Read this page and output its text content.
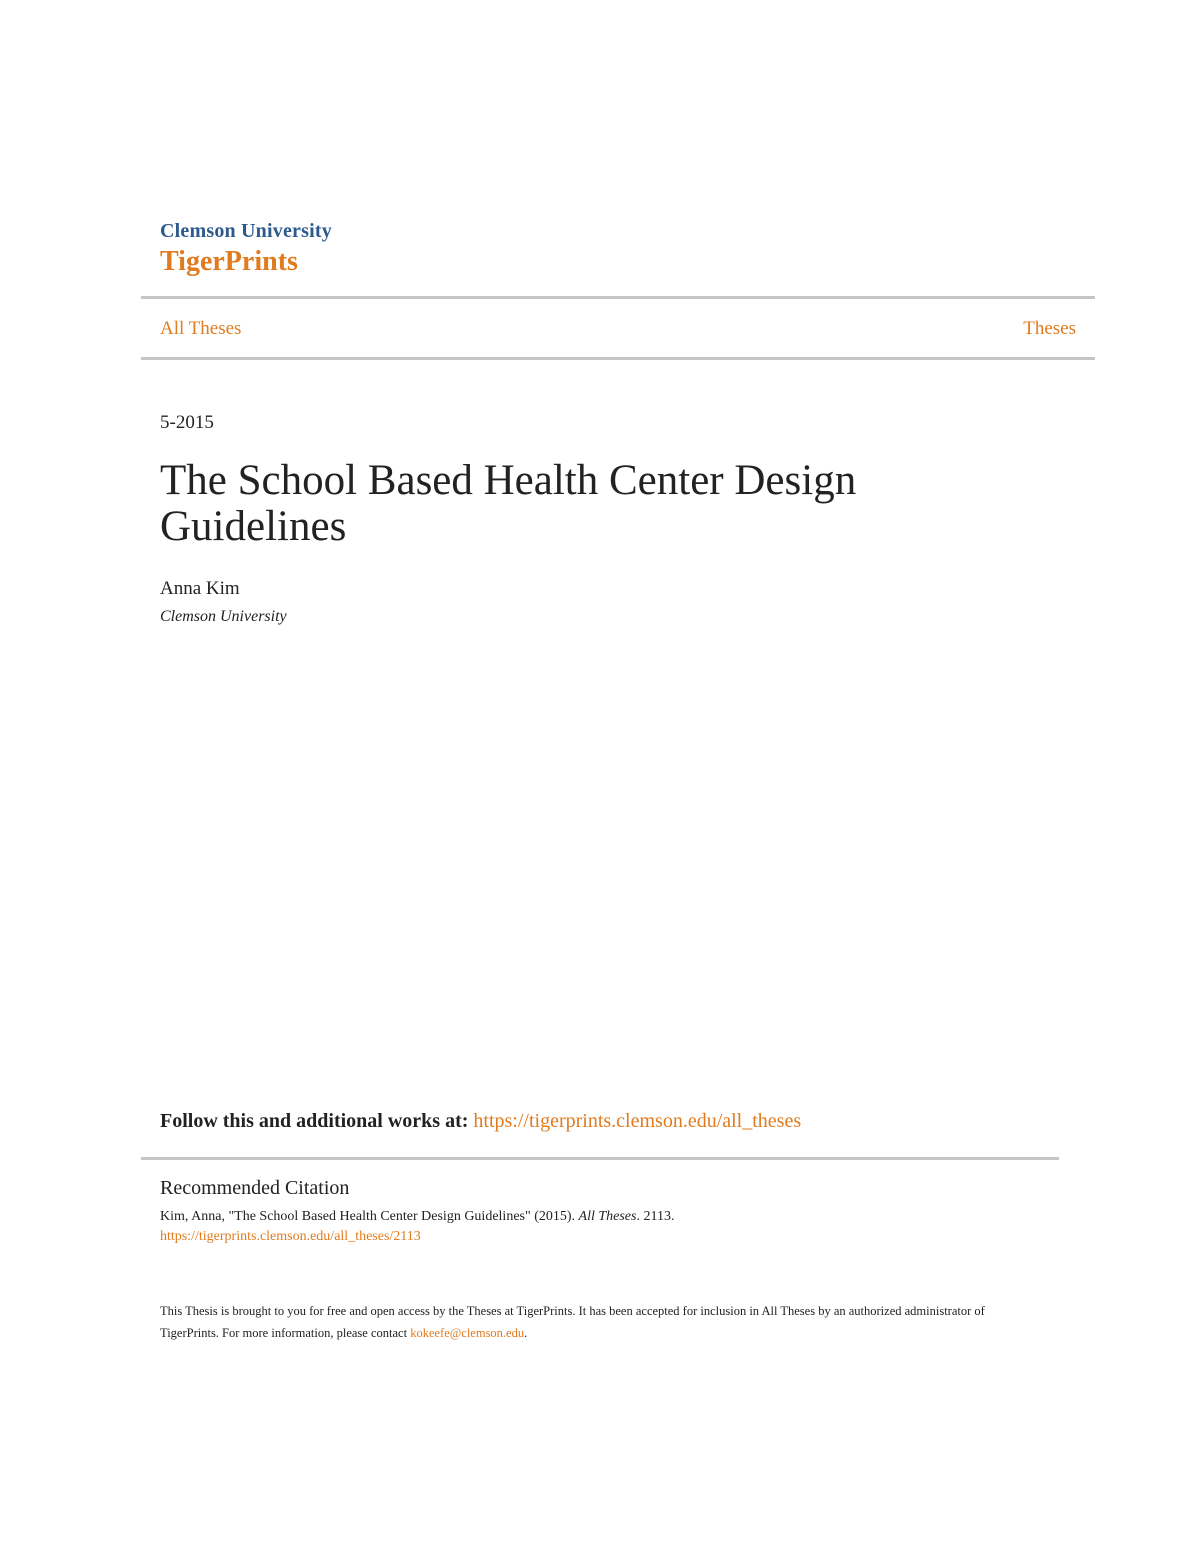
Clemson University
TigerPrints
All Theses	Theses
5-2015
The School Based Health Center Design Guidelines
Anna Kim
Clemson University
Follow this and additional works at: https://tigerprints.clemson.edu/all_theses
Recommended Citation
Kim, Anna, "The School Based Health Center Design Guidelines" (2015). All Theses. 2113.
https://tigerprints.clemson.edu/all_theses/2113
This Thesis is brought to you for free and open access by the Theses at TigerPrints. It has been accepted for inclusion in All Theses by an authorized administrator of TigerPrints. For more information, please contact kokeefe@clemson.edu.
